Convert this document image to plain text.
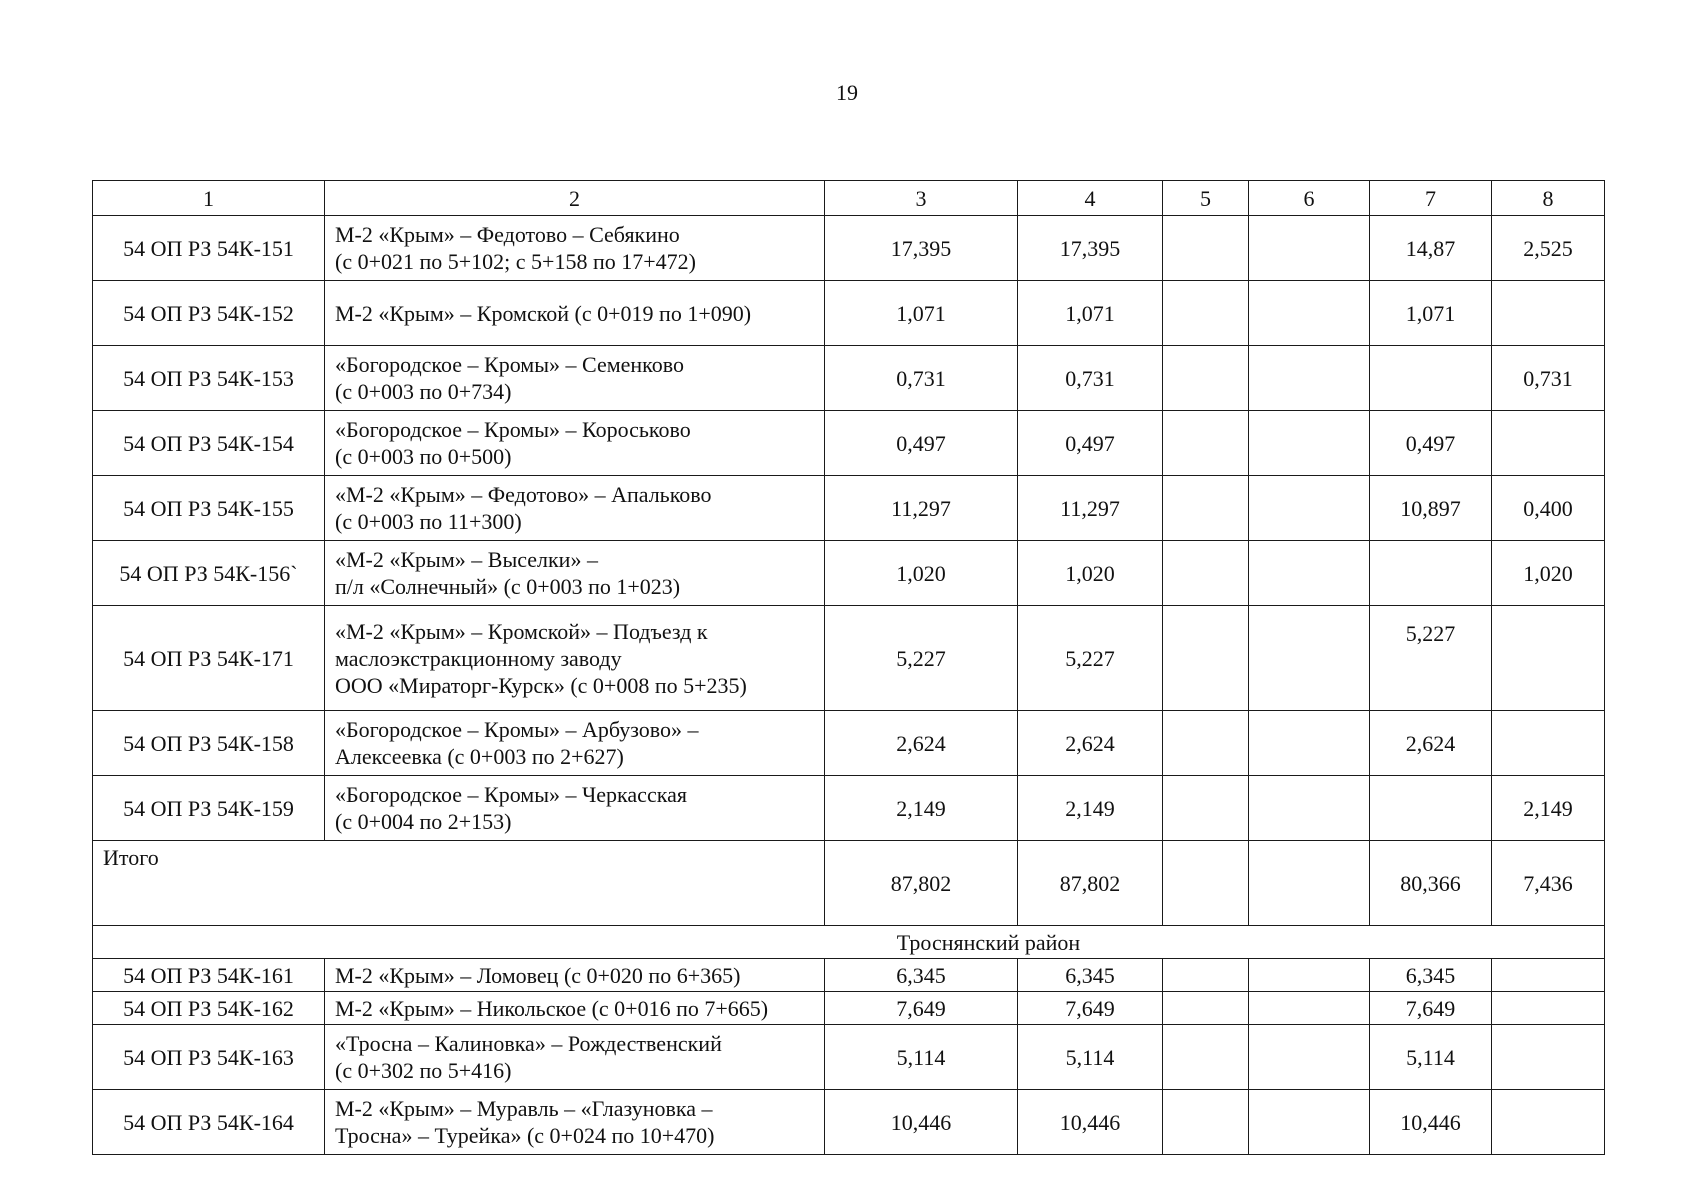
19
1	2	3	4	5	6	7	8
54 ОП РЗ 54К-151	М-2 «Крым» – Федотово – Себякино
(с 0+021 по 5+102; с 5+158 по 17+472)	17,395	17,395			14,87	2,525
54 ОП РЗ 54К-152	М-2 «Крым» – Кромской (с 0+019 по 1+090)	1,071	1,071			1,071	
54 ОП РЗ 54К-153	«Богородское – Кромы» – Семенково
(с 0+003 по 0+734)	0,731	0,731				0,731
54 ОП РЗ 54К-154	«Богородское – Кромы» – Короськово
(с 0+003 по 0+500)	0,497	0,497			0,497	
54 ОП РЗ 54К-155	«М-2 «Крым» – Федотово» – Апальково
(с 0+003 по 11+300)	11,297	11,297			10,897	0,400
54 ОП РЗ 54К-156`	«М-2 «Крым» – Выселки» –
п/л «Солнечный» (с 0+003 по 1+023)	1,020	1,020				1,020
54 ОП РЗ 54К-171	«М-2 «Крым» – Кромской» – Подъезд к
маслоэкстракционному заводу
ООО «Мираторг-Курск» (с 0+008 по 5+235)	5,227	5,227			5,227	
54 ОП РЗ 54К-158	«Богородское – Кромы» – Арбузово» –
Алексеевка (с 0+003 по 2+627)	2,624	2,624			2,624	
54 ОП РЗ 54К-159	«Богородское – Кромы» – Черкасская
(с 0+004 по 2+153)	2,149	2,149				2,149
Итого		87,802	87,802			80,366	7,436
Троснянский район							
54 ОП РЗ 54К-161	М-2 «Крым» – Ломовец (с 0+020 по 6+365)	6,345	6,345			6,345	
54 ОП РЗ 54К-162	М-2 «Крым» – Никольское (с 0+016 по 7+665)	7,649	7,649			7,649	
54 ОП РЗ 54К-163	«Тросна – Калиновка» – Рождественский
(с 0+302 по 5+416)	5,114	5,114			5,114	
54 ОП РЗ 54К-164	М-2 «Крым» – Муравль – «Глазуновка –
Тросна» – Турейка» (с 0+024 по 10+470)	10,446	10,446			10,446	
